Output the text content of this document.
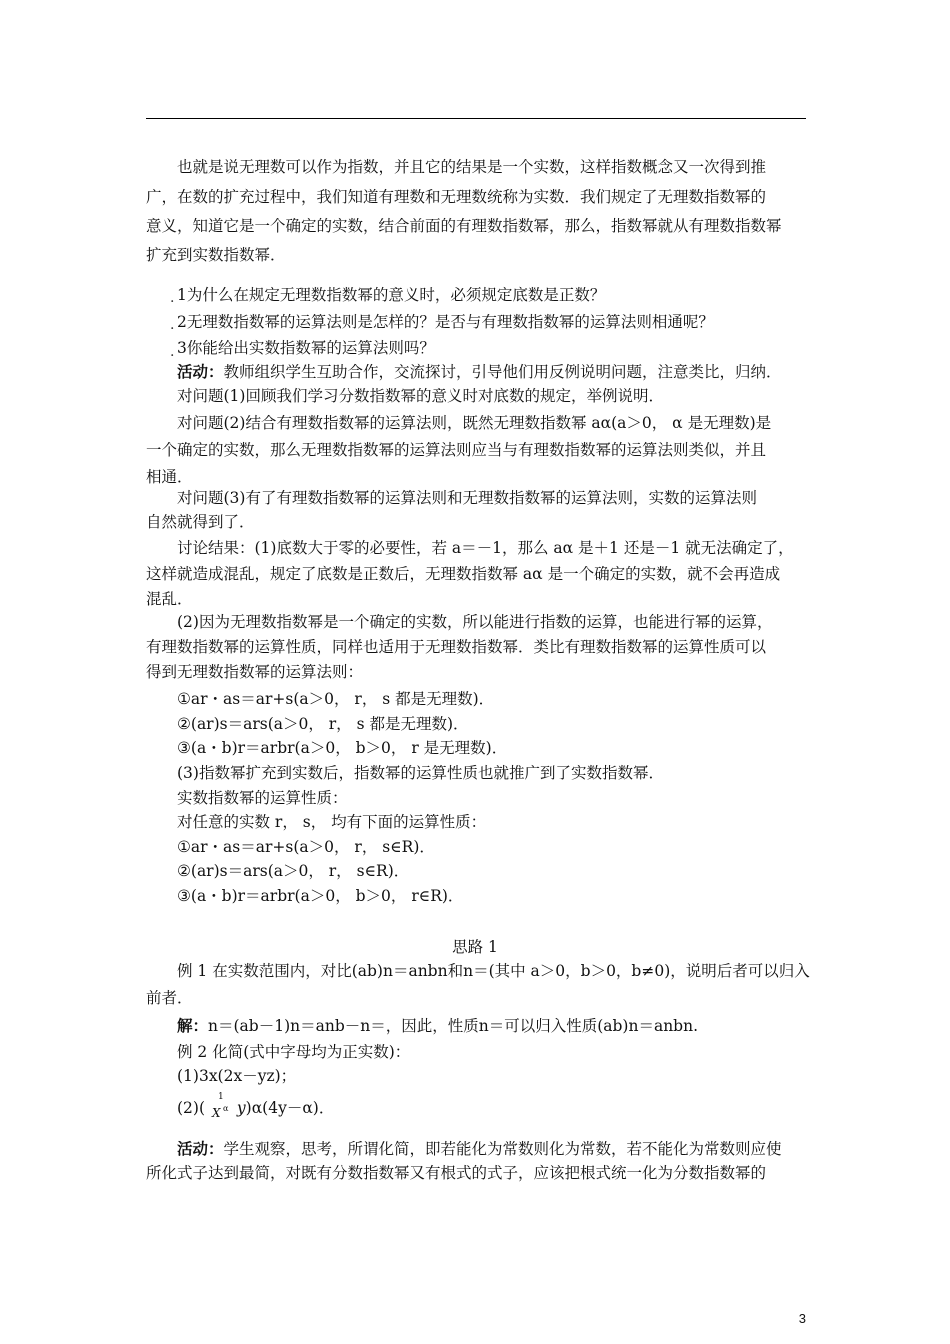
也就是说无理数可以作为指数，并且它的结果是一个实数，这样指数概念又一次得到推
广，在数的扩充过程中，我们知道有理数和无理数统称为实数．我们规定了无理数指数幂的
意义，知道它是一个确定的实数，结合前面的有理数指数幂，那么，指数幂就从有理数指数幂
扩充到实数指数幂．
. 1为什么在规定无理数指数幂的意义时，必须规定底数是正数？
. 2无理数指数幂的运算法则是怎样的？是否与有理数指数幂的运算法则相通呢？
. 3你能给出实数指数幂的运算法则吗？
活动：教师组织学生互助合作，交流探讨，引导他们用反例说明问题，注意类比，归纳．
对问题(1)回顾我们学习分数指数幂的意义时对底数的规定，举例说明．
对问题(2)结合有理数指数幂的运算法则，既然无理数指数幂 aα(a＞0， α 是无理数)是
一个确定的实数，那么无理数指数幂的运算法则应当与有理数指数幂的运算法则类似，并且
相通．
对问题(3)有了有理数指数幂的运算法则和无理数指数幂的运算法则，实数的运算法则
自然就得到了．
讨论结果：(1)底数大于零的必要性，若 a＝－1，那么 aα 是＋1 还是－1 就无法确定了，
这样就造成混乱，规定了底数是正数后，无理数指数幂 aα 是一个确定的实数，就不会再造成
混乱．
(2)因为无理数指数幂是一个确定的实数，所以能进行指数的运算，也能进行幂的运算，
有理数指数幂的运算性质，同样也适用于无理数指数幂．类比有理数指数幂的运算性质可以
得到无理数指数幂的运算法则：
①ar・as＝ar+s(a＞0， r， s 都是无理数)．
②(ar)s＝ars(a＞0， r， s 都是无理数)．
③(a・b)r＝arbr(a＞0， b＞0， r 是无理数)．
(3)指数幂扩充到实数后，指数幂的运算性质也就推广到了实数指数幂．
实数指数幂的运算性质：
对任意的实数 r， s， 均有下面的运算性质：
①ar・as＝ar+s(a＞0， r， s∈R)．
②(ar)s＝ars(a＞0， r， s∈R)．
③(a・b)r＝arbr(a＞0， b＞0， r∈R)．
思路 1
例 1 在实数范围内，对比(ab)n＝anbn和n＝(其中 a＞0，b＞0，b≠0)，说明后者可以归入
前者．
解：n＝(ab－1)n＝anb－n＝，因此，性质n＝可以归入性质(ab)n＝anbn.
例 2 化简(式中字母均为正实数)：
(1)3x(2x－yz)；
(2)(
1
X α y)α(4y－α)．
活动：学生观察，思考，所谓化简，即若能化为常数则化为常数，若不能化为常数则应使
所化式子达到最简，对既有分数指数幂又有根式的式子，应该把根式统一化为分数指数幂的
3
